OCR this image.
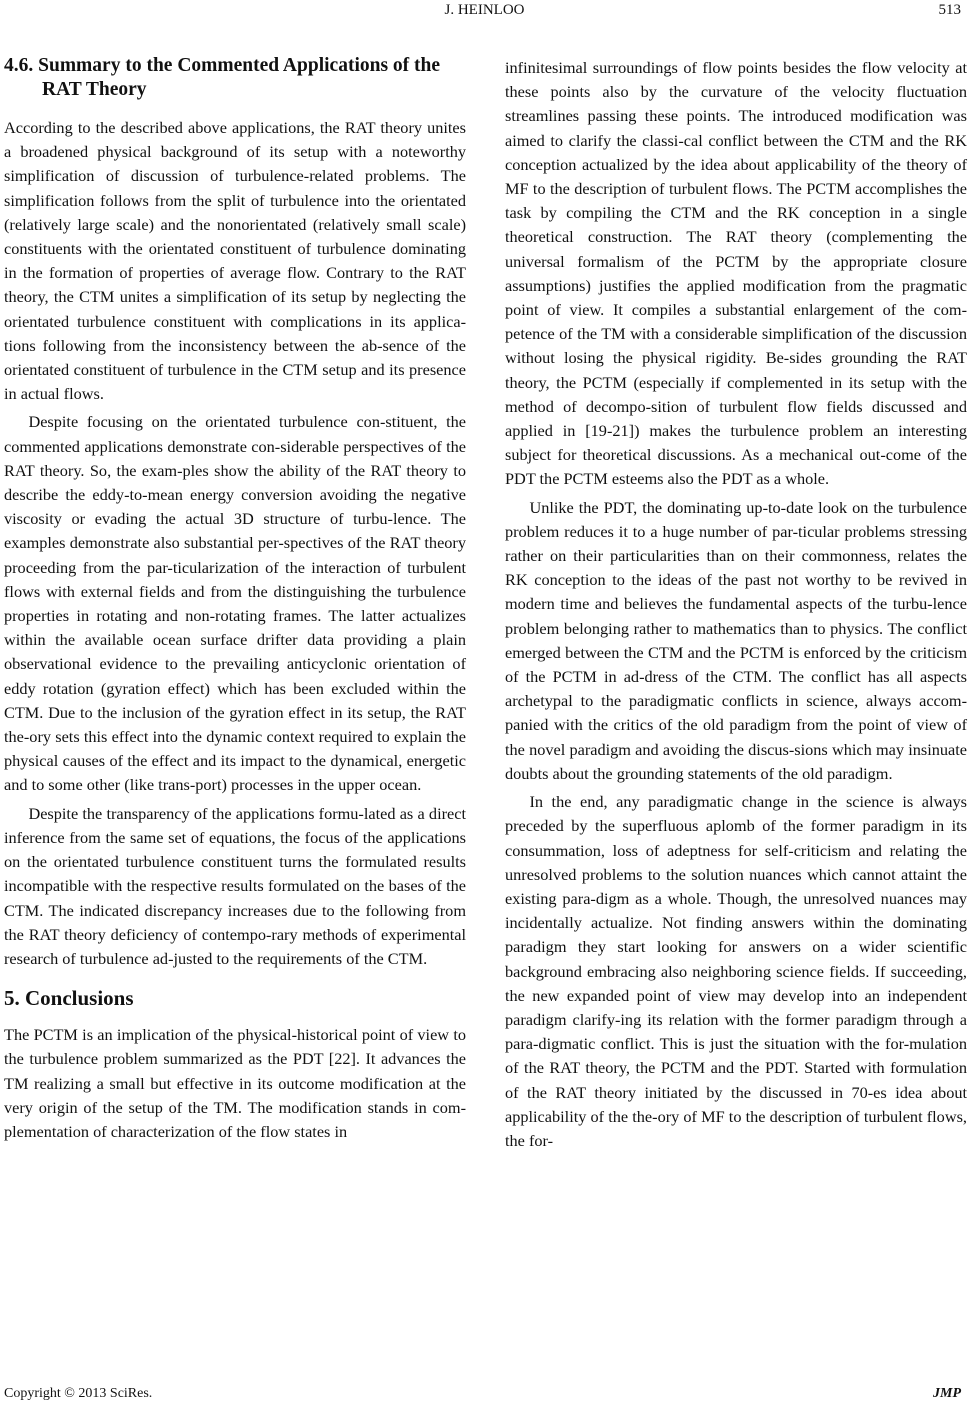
J. HEINLOO	513
4.6. Summary to the Commented Applications of the RAT Theory

According to the described above applications, the RAT theory unites a broadened physical background of its setup with a noteworthy simplification of discussion of turbulence-related problems. The simplification follows from the split of turbulence into the orientated (relatively large scale) and the nonorientated (relatively small scale) constituents with the orientated constituent of turbulence dominating in the formation of properties of average flow. Contrary to the RAT theory, the CTM unites a simplification of its setup by neglecting the orientated turbulence constituent with complications in its applica-tions following from the inconsistency between the ab-sence of the orientated constituent of turbulence in the CTM setup and its presence in actual flows.

Despite focusing on the orientated turbulence con-stituent, the commented applications demonstrate con-siderable perspectives of the RAT theory. So, the exam-ples show the ability of the RAT theory to describe the eddy-to-mean energy conversion avoiding the negative viscosity or evading the actual 3D structure of turbu-lence. The examples demonstrate also substantial per-spectives of the RAT theory proceeding from the par-ticularization of the interaction of turbulent flows with external fields and from the distinguishing the turbulence properties in rotating and non-rotating frames. The latter actualizes within the available ocean surface drifter data providing a plain observational evidence to the prevailing anticyclonic orientation of eddy rotation (gyration effect) which has been excluded within the CTM. Due to the inclusion of the gyration effect in its setup, the RAT the-ory sets this effect into the dynamic context required to explain the physical causes of the effect and its impact to the dynamical, energetic and to some other (like trans-port) processes in the upper ocean.

Despite the transparency of the applications formu-lated as a direct inference from the same set of equations, the focus of the applications on the orientated turbulence constituent turns the formulated results incompatible with the respective results formulated on the bases of the CTM. The indicated discrepancy increases due to the following from the RAT theory deficiency of contempo-rary methods of experimental research of turbulence ad-justed to the requirements of the CTM.

5. Conclusions

The PCTM is an implication of the physical-historical point of view to the turbulence problem summarized as the PDT [22]. It advances the TM realizing a small but effective in its outcome modification at the very origin of the setup of the TM. The modification stands in com-plementation of characterization of the flow states in

infinitesimal surroundings of flow points besides the flow velocity at these points also by the curvature of the velocity fluctuation streamlines passing these points. The introduced modification was aimed to clarify the classi-cal conflict between the CTM and the RK conception actualized by the idea about applicability of the theory of MF to the description of turbulent flows. The PCTM accomplishes the task by compiling the CTM and the RK conception in a single theoretical construction. The RAT theory (complementing the universal formalism of the PCTM by the appropriate closure assumptions) justifies the applied modification from the pragmatic point of view. It compiles a substantial enlargement of the com-petence of the TM with a considerable simplification of the discussion without losing the physical rigidity. Be-sides grounding the RAT theory, the PCTM (especially if complemented in its setup with the method of decompo-sition of turbulent flow fields discussed and applied in [19-21]) makes the turbulence problem an interesting subject for theoretical discussions. As a mechanical out-come of the PDT the PCTM esteems also the PDT as a whole.

Unlike the PDT, the dominating up-to-date look on the turbulence problem reduces it to a huge number of par-ticular problems stressing rather on their particularities than on their commonness, relates the RK conception to the ideas of the past not worthy to be revived in modern time and believes the fundamental aspects of the turbu-lence problem belonging rather to mathematics than to physics. The conflict emerged between the CTM and the PCTM is enforced by the criticism of the PCTM in ad-dress of the CTM. The conflict has all aspects archetypal to the paradigmatic conflicts in science, always accom-panied with the critics of the old paradigm from the point of view of the novel paradigm and avoiding the discus-sions which may insinuate doubts about the grounding statements of the old paradigm.

In the end, any paradigmatic change in the science is always preceded by the superfluous aplomb of the former paradigm in its consummation, loss of adeptness for self-criticism and relating the unresolved problems to the solution nuances which cannot attaint the existing para-digm as a whole. Though, the unresolved nuances may incidentally actualize. Not finding answers within the dominating paradigm they start looking for answers on a wider scientific background embracing also neighboring science fields. If succeeding, the new expanded point of view may develop into an independent paradigm clarify-ing its relation with the former paradigm through a para-digmatic conflict. This is just the situation with the for-mulation of the RAT theory, the PCTM and the PDT. Started with formulation of the RAT theory initiated by the discussed in 70-es idea about applicability of the the-ory of MF to the description of turbulent flows, the for-

Copyright © 2013 SciRes.	JMP
